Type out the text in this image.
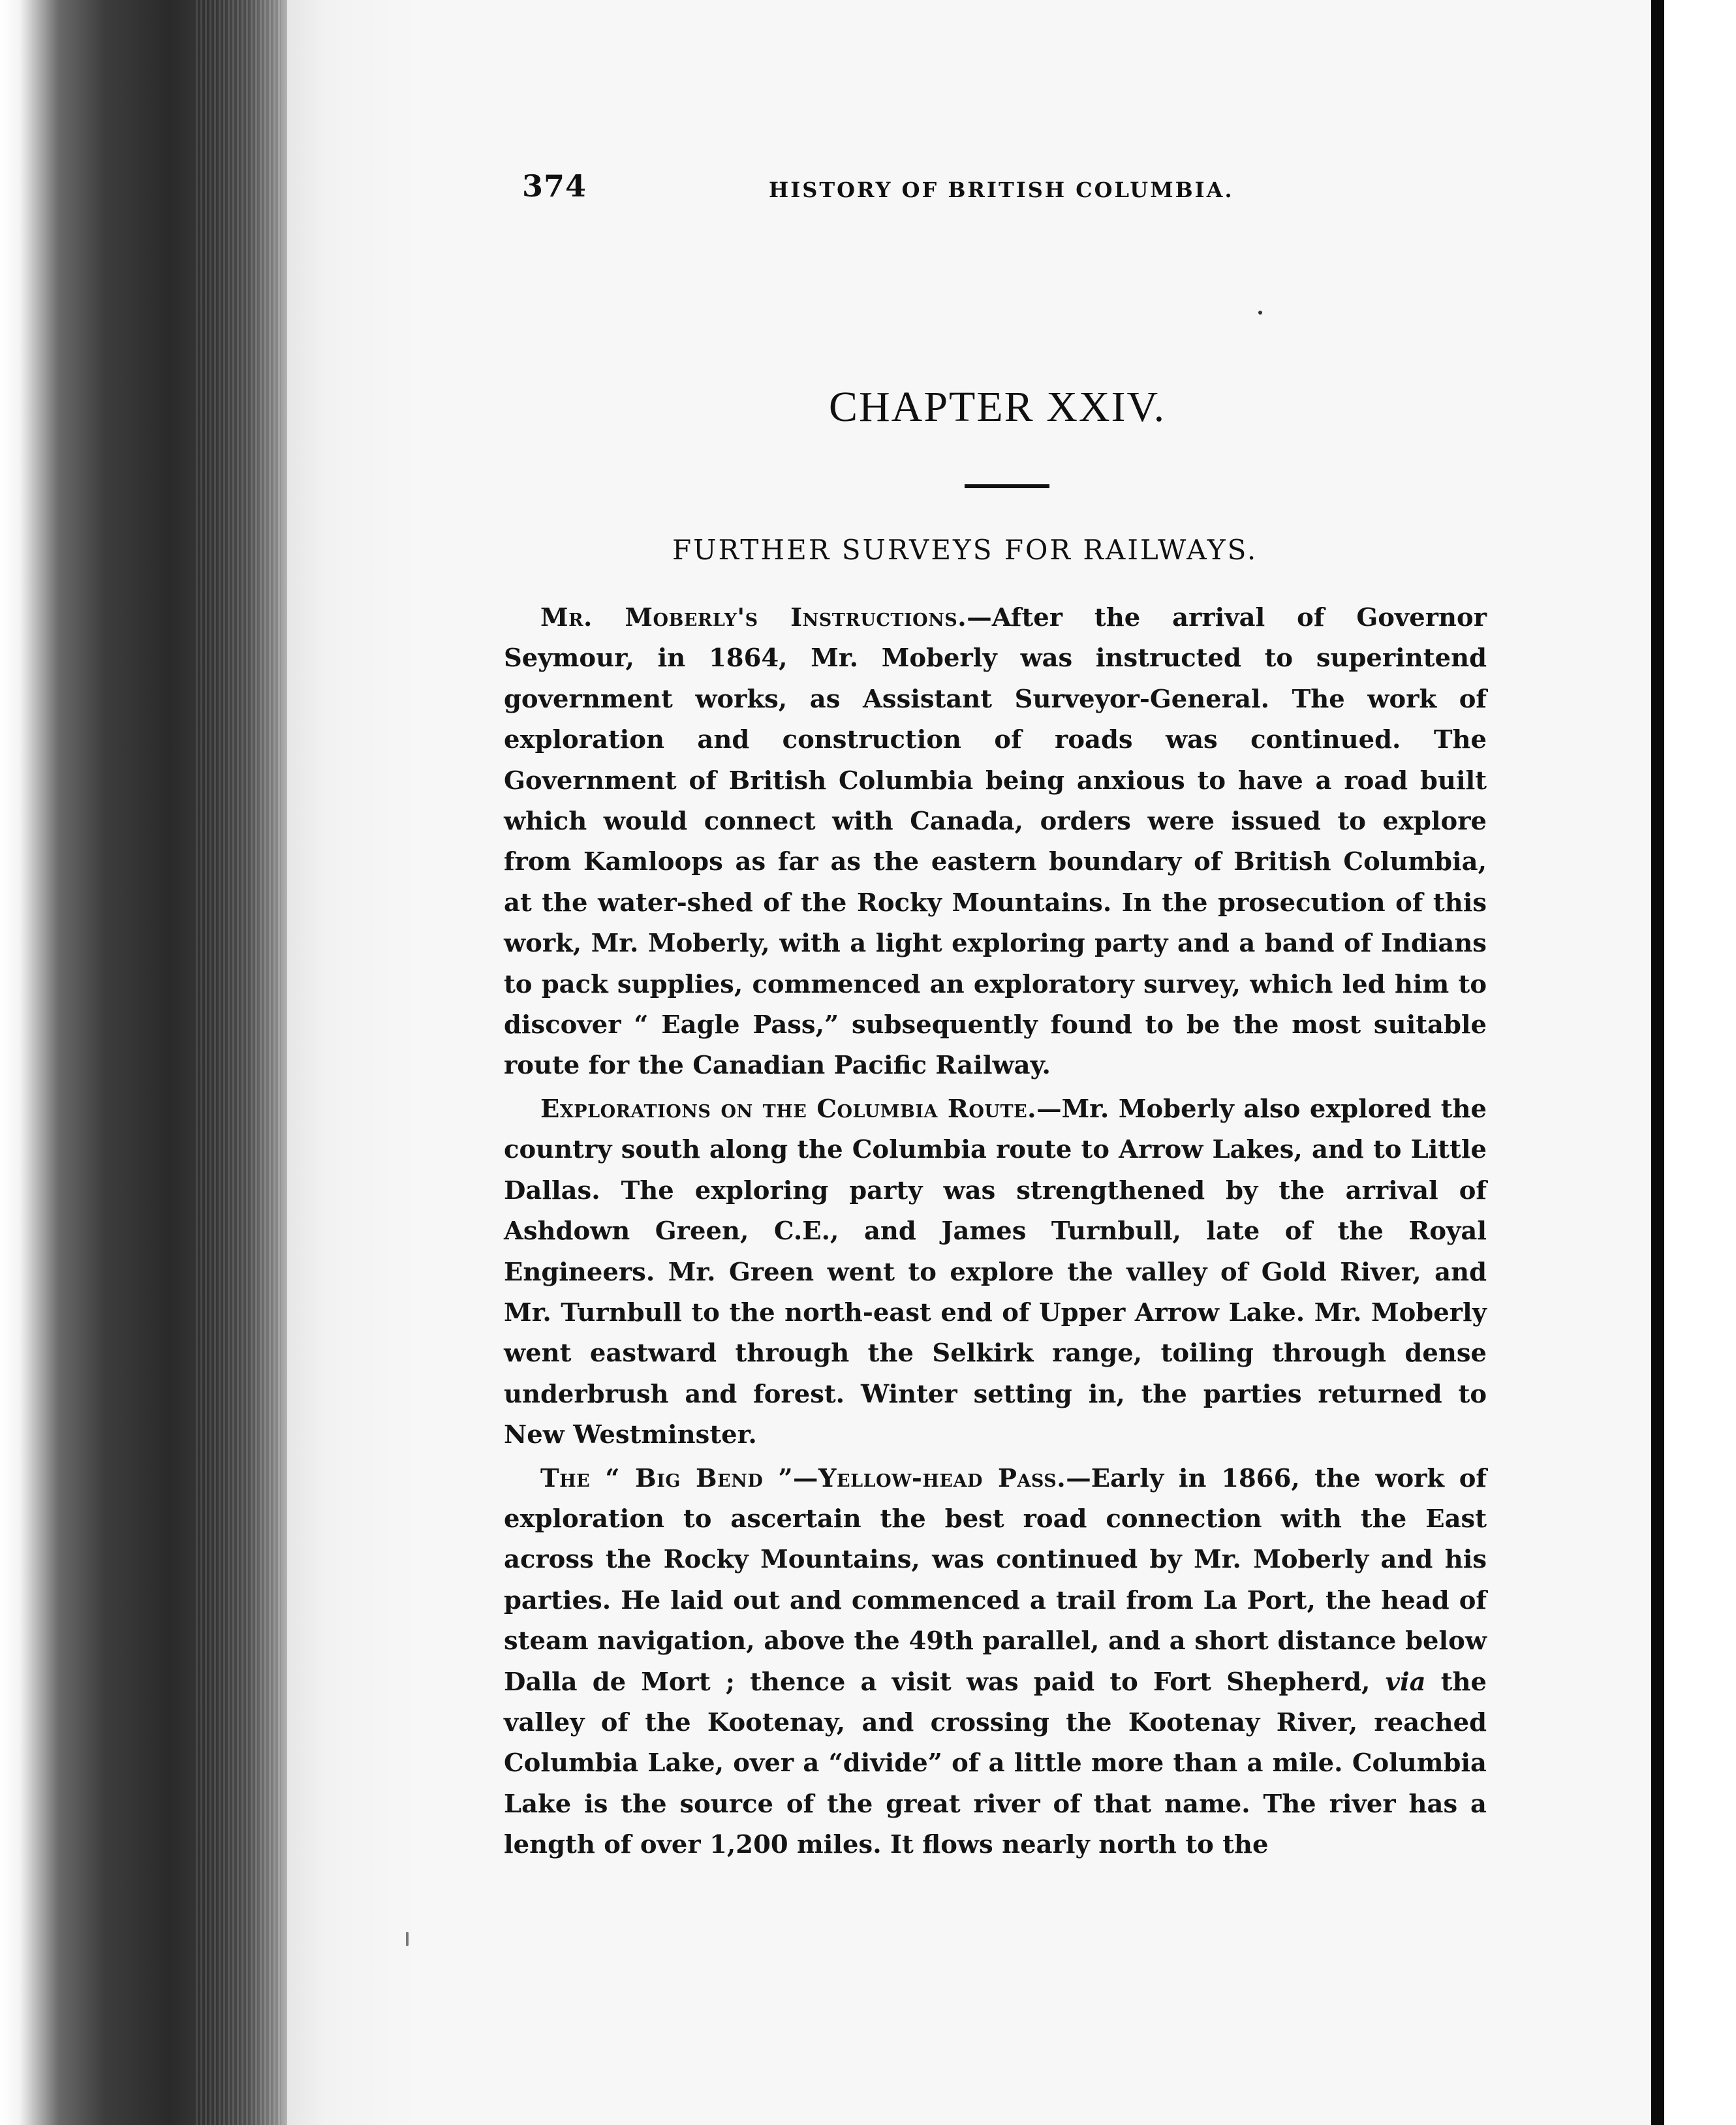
374	HISTORY OF BRITISH COLUMBIA.
CHAPTER XXIV.
FURTHER SURVEYS FOR RAILWAYS.

Mr. Moberly's Instructions.—After the arrival of Governor Seymour, in 1864, Mr. Moberly was instructed to superintend government works, as Assistant Surveyor-General. The work of exploration and construction of roads was continued. The Government of British Columbia being anxious to have a road built which would connect with Canada, orders were issued to explore from Kamloops as far as the eastern boundary of British Columbia, at the water-shed of the Rocky Mountains. In the prosecution of this work, Mr. Moberly, with a light exploring party and a band of Indians to pack supplies, commenced an exploratory survey, which led him to discover “ Eagle Pass,” subsequently found to be the most suitable route for the Canadian Pacific Railway.

Explorations on the Columbia Route.—Mr. Moberly also explored the country south along the Columbia route to Arrow Lakes, and to Little Dallas. The exploring party was strengthened by the arrival of Ashdown Green, C.E., and James Turnbull, late of the Royal Engineers. Mr. Green went to explore the valley of Gold River, and Mr. Turnbull to the north-east end of Upper Arrow Lake. Mr. Moberly went eastward through the Selkirk range, toiling through dense underbrush and forest. Winter setting in, the parties returned to New Westminster.

The “ Big Bend ”—Yellow-head Pass.—Early in 1866, the work of exploration to ascertain the best road connection with the East across the Rocky Mountains, was continued by Mr. Moberly and his parties. He laid out and commenced a trail from La Port, the head of steam navigation, above the 49th parallel, and a short distance below Dalla de Mort ; thence a visit was paid to Fort Shepherd, via the valley of the Kootenay, and crossing the Kootenay River, reached Columbia Lake, over a “divide” of a little more than a mile. Columbia Lake is the source of the great river of that name. The river has a length of over 1,200 miles. It flows nearly north to the
